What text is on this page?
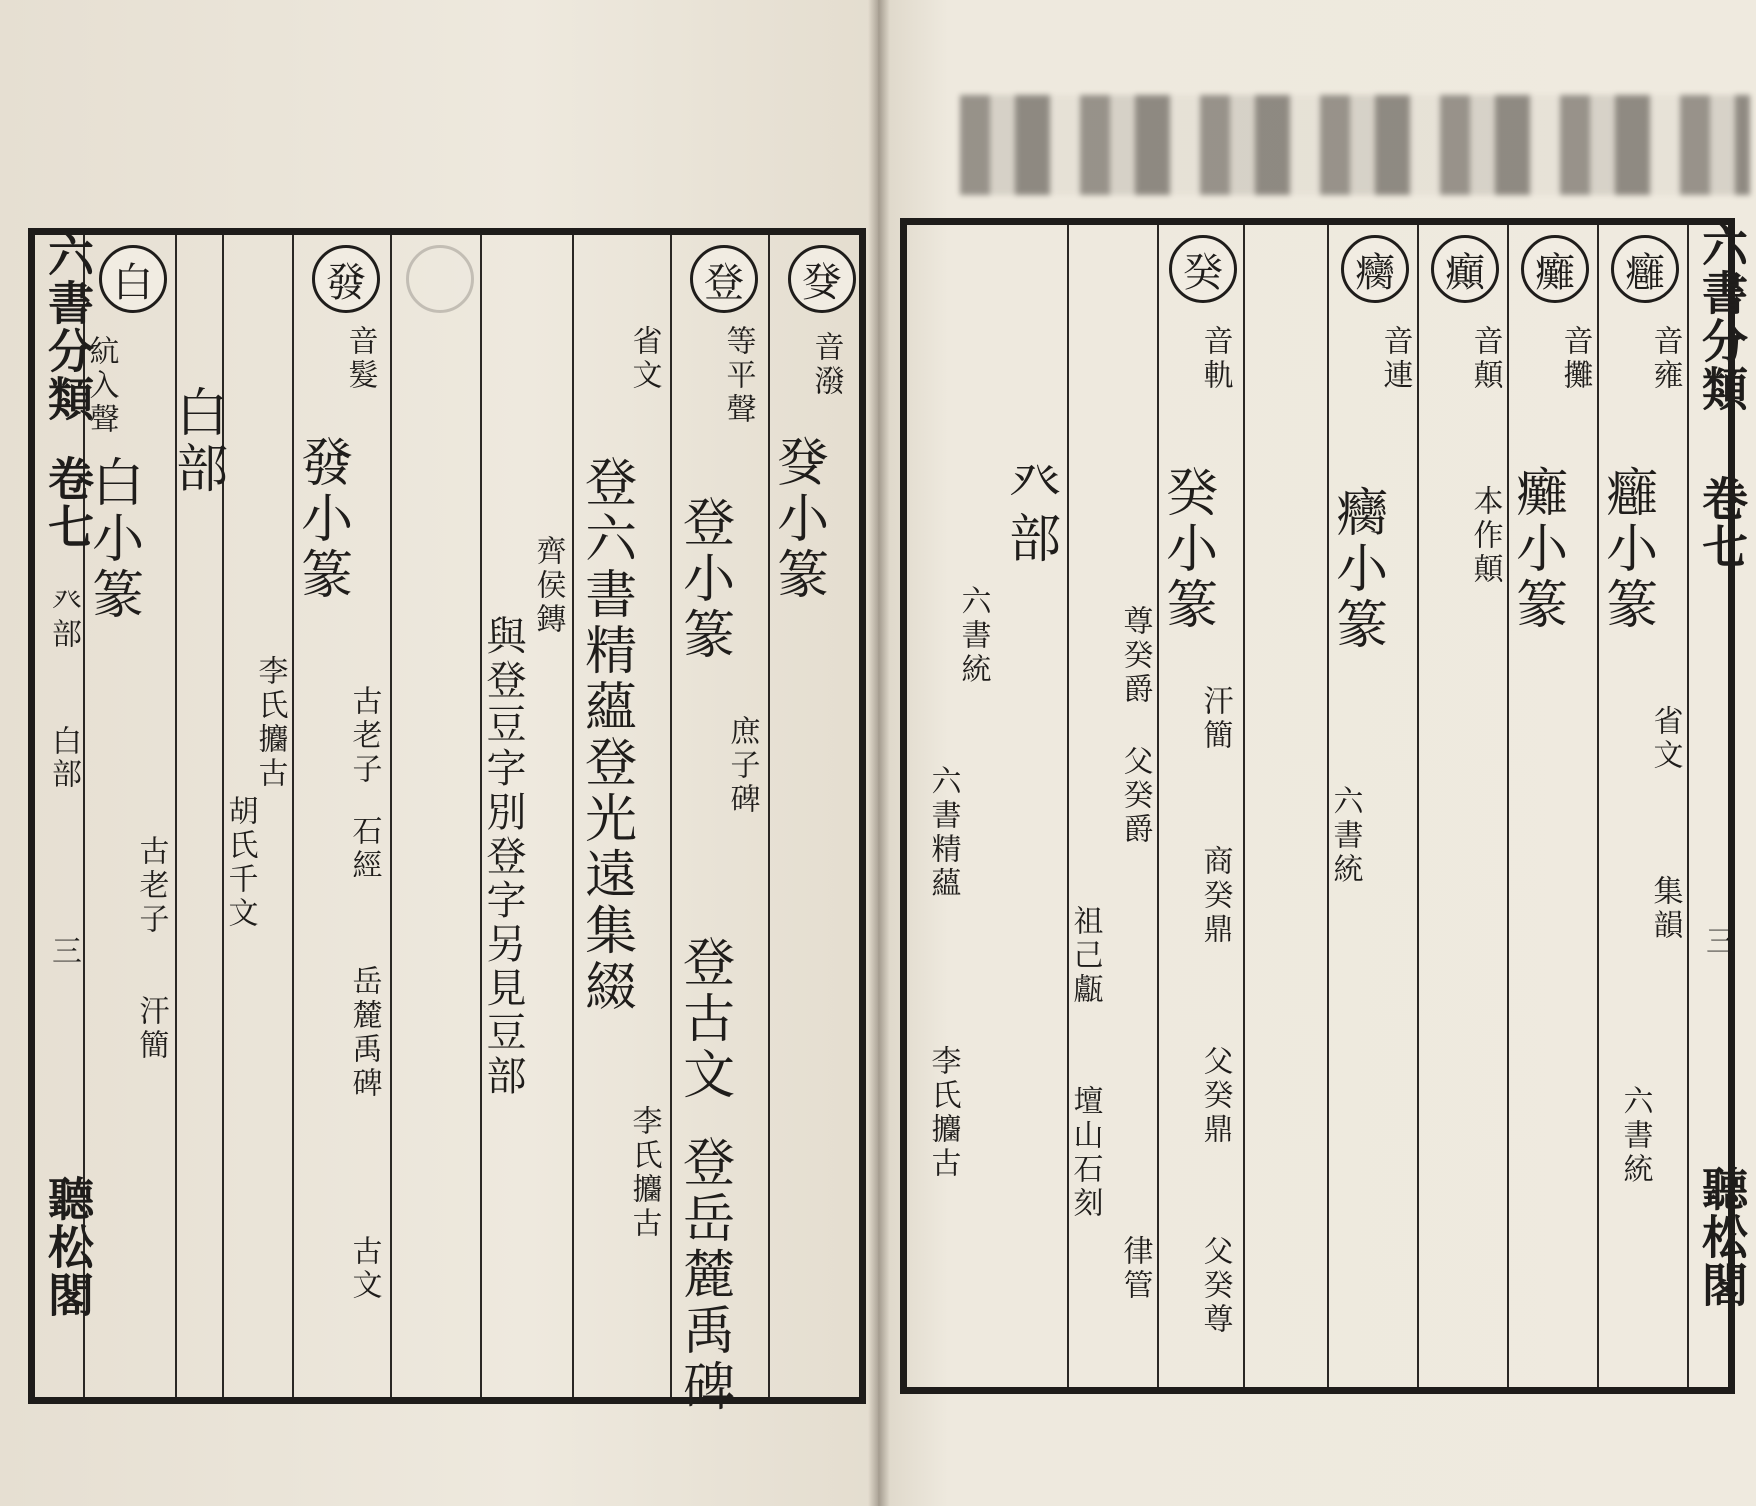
癹
音潑
癹小篆
登
等平聲
登小篆
庶子碑
登古文
登岳麓禹碑
省文
登六書精蘊
登光遠集綴
李氏攟古
齊侯鏄
與登豆字別登字另見豆部
發
音髮
發小篆
古老子
石經
岳麓禹碑
古文
李氏攟古
胡氏千文
白部
白
䋁入聲
白小篆
古老子
汗簡
六書分類
卷七
癶部
白部
三
聽松閣
六書分類
卷七
三
聽松閣
癰
音雍
癰小篆
省文
集韻
六書統
癱
音攤
癱小篆
癲
音顛
本作顛
癵
音連
癵小篆
六書統
癸
音軌
癸小篆
汗簡
商癸鼎
父癸鼎
父癸尊
癶部
尊癸爵
父癸爵
祖己甗
壇山石刻
律管
六書統
六書精蘊
李氏攟古
